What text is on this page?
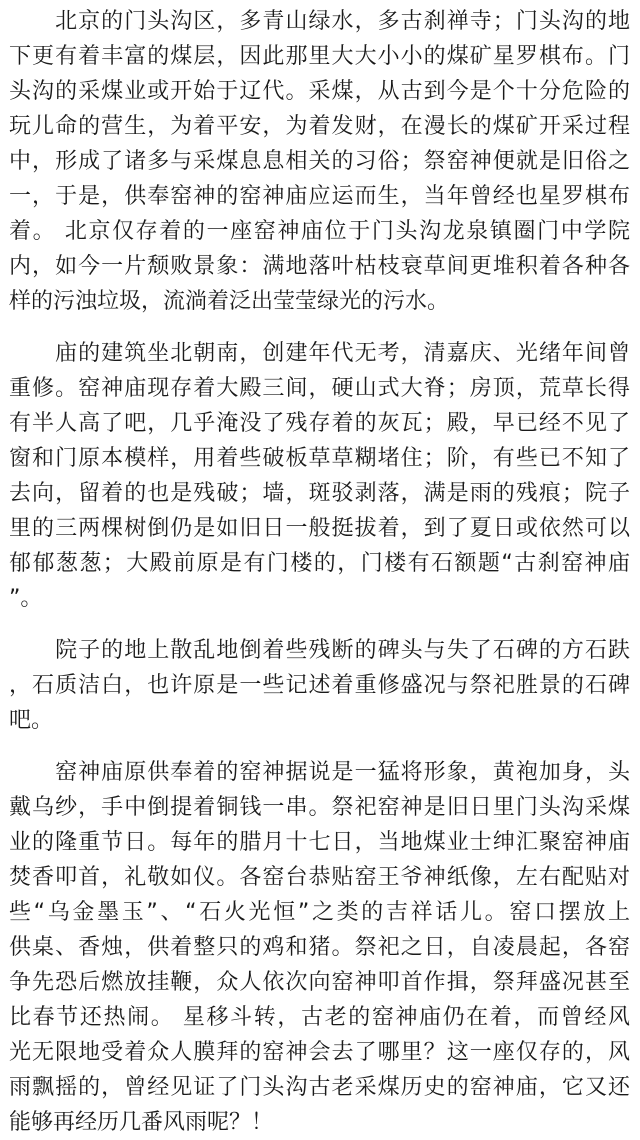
　　北京的门头沟区，多青山绿水，多古刹禅寺；门头沟的地
下更有着丰富的煤层，因此那里大大小小的煤矿星罗棋布。门
头沟的采煤业或开始于辽代。采煤，从古到今是个十分危险的
玩儿命的营生，为着平安，为着发财，在漫长的煤矿开采过程
中，形成了诸多与采煤息息相关的习俗；祭窑神便就是旧俗之
一，于是，供奉窑神的窑神庙应运而生，当年曾经也星罗棋布
着。 北京仅存着的一座窑神庙位于门头沟龙泉镇圈门中学院
内，如今一片颓败景象：满地落叶枯枝衰草间更堆积着各种各
样的污浊垃圾，流淌着泛出莹莹绿光的污水。
　　庙的建筑坐北朝南，创建年代无考，清嘉庆、光绪年间曾
重修。窑神庙现存着大殿三间，硬山式大脊；房顶，荒草长得
有半人高了吧，几乎淹没了残存着的灰瓦；殿，早已经不见了
窗和门原本模样，用着些破板草草糊堵住；阶，有些已不知了
去向，留着的也是残破；墙，斑驳剥落，满是雨的残痕；院子
里的三两棵树倒仍是如旧日一般挺拔着，到了夏日或依然可以
郁郁葱葱；大殿前原是有门楼的，门楼有石额题“古刹窑神庙
”。
　　院子的地上散乱地倒着些残断的碑头与失了石碑的方石趺
，石质洁白，也许原是一些记述着重修盛况与祭祀胜景的石碑
吧。
　　窑神庙原供奉着的窑神据说是一猛将形象，黄袍加身，头
戴乌纱，手中倒提着铜钱一串。祭祀窑神是旧日里门头沟采煤
业的隆重节日。每年的腊月十七日，当地煤业士绅汇聚窑神庙
焚香叩首，礼敬如仪。各窑台恭贴窑王爷神纸像，左右配贴对
些“乌金墨玉”、“石火光恒”之类的吉祥话儿。窑口摆放上
供桌、香烛，供着整只的鸡和猪。祭祀之日，自凌晨起，各窑
争先恐后燃放挂鞭，众人依次向窑神叩首作揖，祭拜盛况甚至
比春节还热闹。 星移斗转，古老的窑神庙仍在着，而曾经风
光无限地受着众人膜拜的窑神会去了哪里？这一座仅存的，风
雨飘摇的，曾经见证了门头沟古老采煤历史的窑神庙，它又还
能够再经历几番风雨呢？！
